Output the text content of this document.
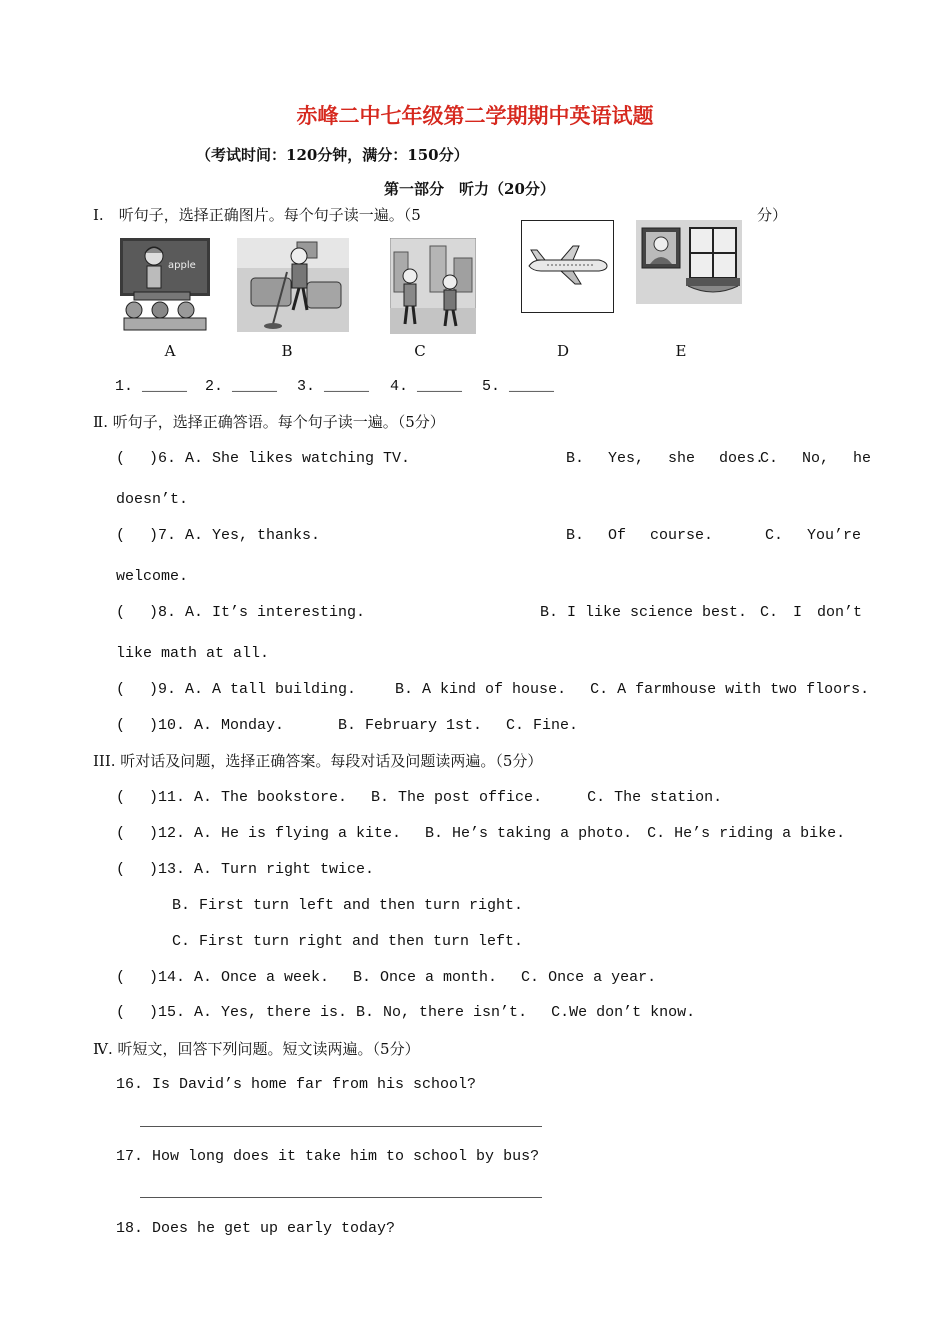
赤峰二中七年级第二学期期中英语试题
（考试时间：120分钟，满分：150分）
第一部分　听力（20分）
Ⅰ.　听句子，选择正确图片。每个句子读一遍。（5	分）
apple
A	B	C	D	E
1. _____ 2. _____ 3. _____ 4. _____ 5. _____
Ⅱ. 听句子，选择正确答语。每个句子读一遍。（5分）
(　 )6. A. She likes watching TV.	B.　 Yes,　 she　 does.
C.　 No,　 he
doesn’t.
(　 )7. A. Yes, thanks.	B.　 Of　 course.	C.　 You’re
welcome.
(　 )8. A. It’s interesting.	B. I like science best. C.　I　don’t
like math at all.
(　 )9. A. A tall building.　　 B. A kind of house.　 C. A farmhouse with two floors.
(　 )10. A. Monday.　　　 B. February 1st.　 C. Fine.
III. 听对话及问题，选择正确答案。每段对话及问题读两遍。（5分）
(　 )11. A. The bookstore.　 B. The post office.　　　C. The station.
(　 )12. A. He is flying a kite.　 B. He’s taking a photo.　C. He’s riding a bike.
(　 )13. A. Turn right twice.
B. First turn left and then turn right.
C. First turn right and then turn left.
(　 )14. A. Once a week.　 B. Once a month.　 C. Once a year.
(　 )15. A. Yes, there is. B. No, there isn’t.　 C.We don’t know.
Ⅳ. 听短文，回答下列问题。短文读两遍。（5分）
16. Is David’s home far from his school?
17. How long does it take him to school by bus?
18. Does he get up early today?
